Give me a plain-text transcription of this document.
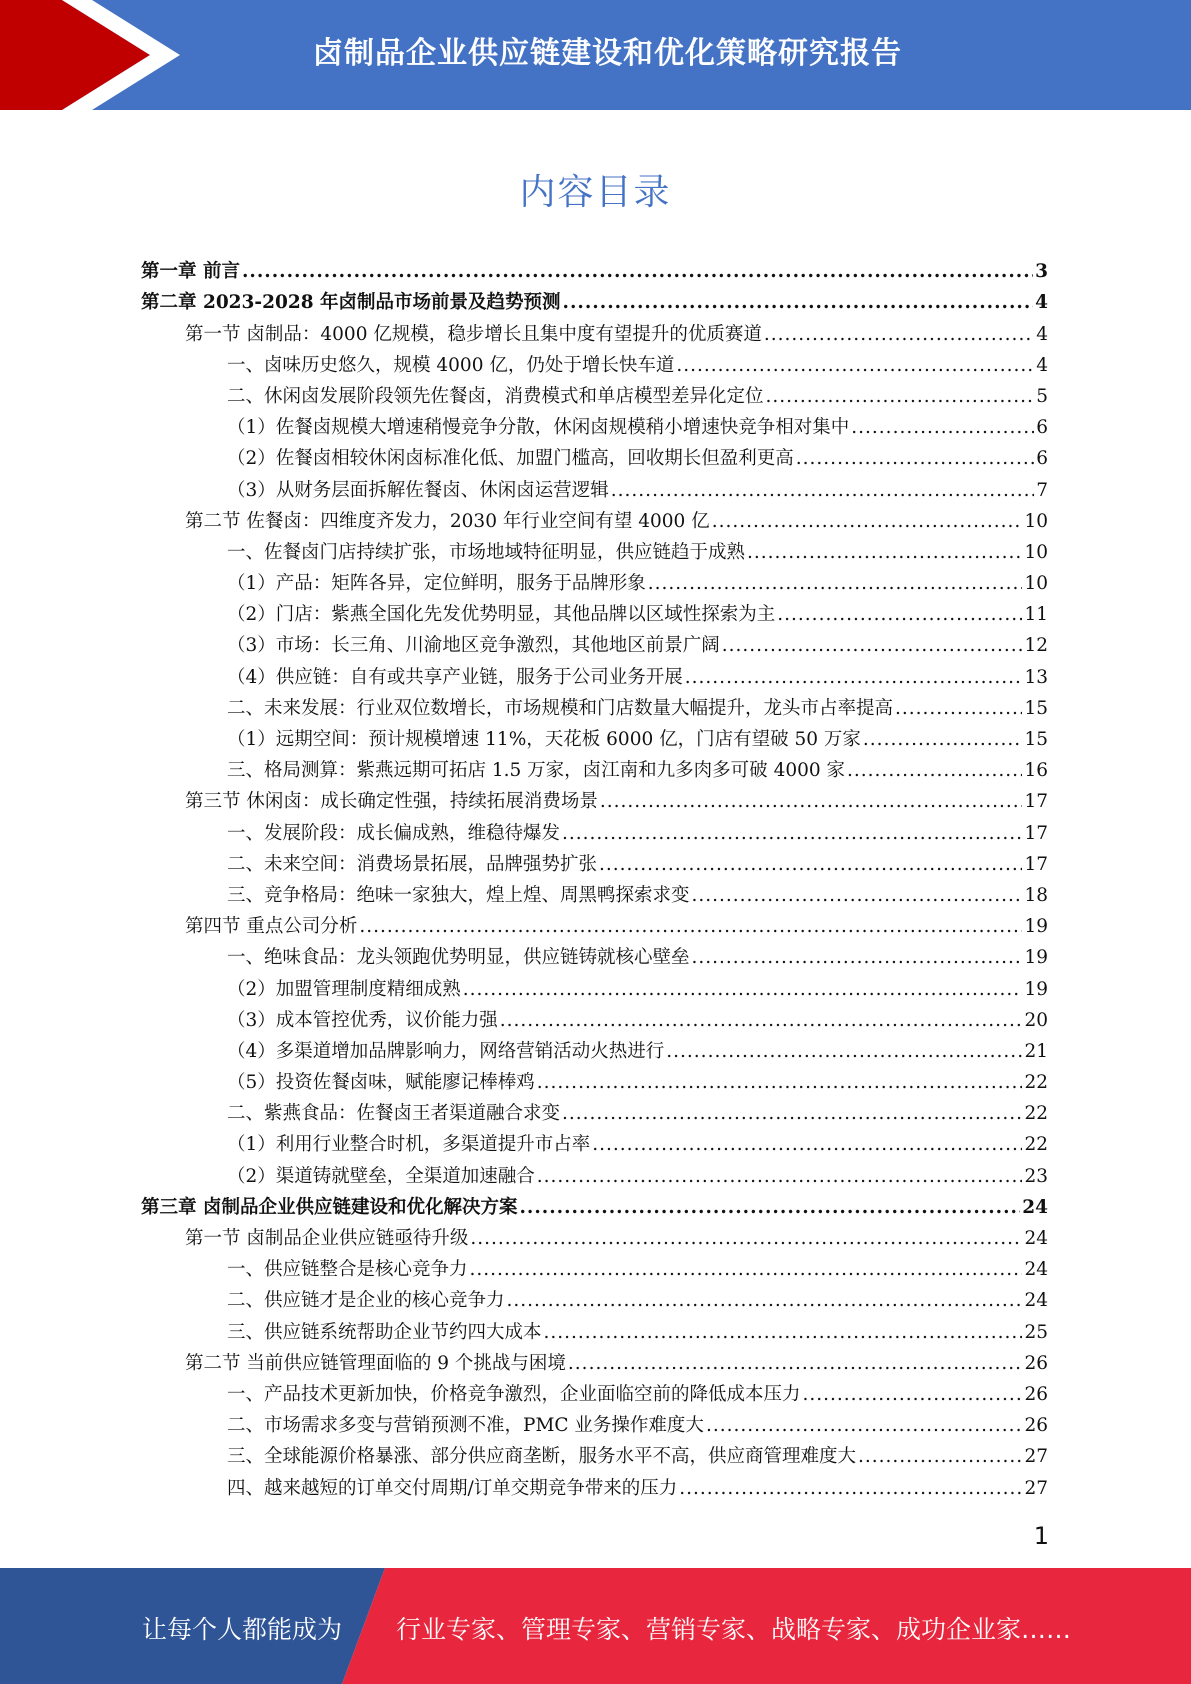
卤制品企业供应链建设和优化策略研究报告
内容目录
第一章 前言 .....	3
第二章 2023-2028 年卤制品市场前景及趋势预测 .....	4
第一节 卤制品：4000 亿规模，稳步增长且集中度有望提升的优质赛道 .....	4
一、卤味历史悠久，规模 4000 亿，仍处于增长快车道 .....	4
二、休闲卤发展阶段领先佐餐卤，消费模式和单店模型差异化定位 .....	5
（1）佐餐卤规模大增速稍慢竞争分散，休闲卤规模稍小增速快竞争相对集中 .....	6
（2）佐餐卤相较休闲卤标准化低、加盟门槛高，回收期长但盈利更高 .....	6
（3）从财务层面拆解佐餐卤、休闲卤运营逻辑 .....	7
第二节 佐餐卤：四维度齐发力，2030 年行业空间有望 4000 亿 .....	10
一、佐餐卤门店持续扩张，市场地域特征明显，供应链趋于成熟 .....	10
（1）产品：矩阵各异，定位鲜明，服务于品牌形象 .....	10
（2）门店：紫燕全国化先发优势明显，其他品牌以区域性探索为主 .....	11
（3）市场：长三角、川渝地区竞争激烈，其他地区前景广阔 .....	12
（4）供应链：自有或共享产业链，服务于公司业务开展 .....	13
二、未来发展：行业双位数增长，市场规模和门店数量大幅提升，龙头市占率提高 .....	15
（1）远期空间：预计规模增速 11%，天花板 6000 亿，门店有望破 50 万家 .....	15
三、格局测算：紫燕远期可拓店 1.5 万家，卤江南和九多肉多可破 4000 家 .....	16
第三节 休闲卤：成长确定性强，持续拓展消费场景 .....	17
一、发展阶段：成长偏成熟，维稳待爆发 .....	17
二、未来空间：消费场景拓展，品牌强势扩张 .....	17
三、竞争格局：绝味一家独大，煌上煌、周黑鸭探索求变 .....	18
第四节 重点公司分析 .....	19
一、绝味食品：龙头领跑优势明显，供应链铸就核心壁垒 .....	19
（2）加盟管理制度精细成熟 .....	19
（3）成本管控优秀，议价能力强 .....	20
（4）多渠道增加品牌影响力，网络营销活动火热进行 .....	21
（5）投资佐餐卤味，赋能廖记棒棒鸡 .....	22
二、紫燕食品：佐餐卤王者渠道融合求变 .....	22
（1）利用行业整合时机，多渠道提升市占率 .....	22
（2）渠道铸就壁垒，全渠道加速融合 .....	23
第三章 卤制品企业供应链建设和优化解决方案 .....	24
第一节 卤制品企业供应链亟待升级 .....	24
一、供应链整合是核心竞争力 .....	24
二、供应链才是企业的核心竞争力 .....	24
三、供应链系统帮助企业节约四大成本 .....	25
第二节 当前供应链管理面临的 9 个挑战与困境 .....	26
一、产品技术更新加快，价格竞争激烈，企业面临空前的降低成本压力 .....	26
二、市场需求多变与营销预测不准，PMC 业务操作难度大 .....	26
三、全球能源价格暴涨、部分供应商垄断，服务水平不高，供应商管理难度大 .....	27
四、越来越短的订单交付周期/订单交期竞争带来的压力 .....	27
1
让每个人都能成为 行业专家、管理专家、营销专家、战略专家、成功企业家……
